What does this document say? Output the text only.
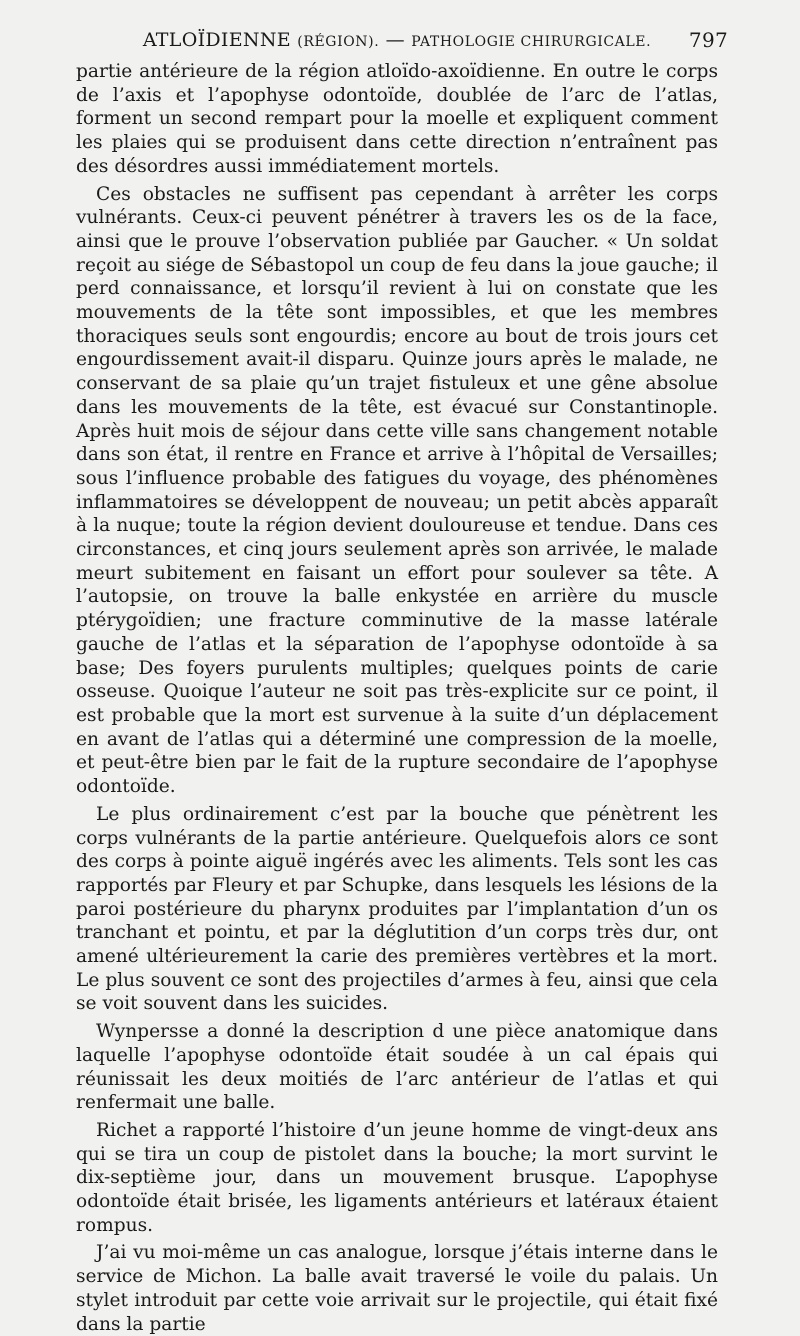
ATLOÏDIENNE (RÉGION). — PATHOLOGIE CHIRURGICALE. 797

partie antérieure de la région atloïdo-axoïdienne. En outre le corps de l’axis et l’apophyse odontoïde, doublée de l’arc de l’atlas, forment un second rempart pour la moelle et expliquent comment les plaies qui se produisent dans cette direction n’entraînent pas des désordres aussi immédiatement mortels.

Ces obstacles ne suffisent pas cependant à arrêter les corps vulnérants. Ceux-ci peuvent pénétrer à travers les os de la face, ainsi que le prouve l’observation publiée par Gaucher. « Un soldat reçoit au siége de Sébastopol un coup de feu dans la joue gauche; il perd connaissance, et lorsqu’il revient à lui on constate que les mouvements de la tête sont impossibles, et que les membres thoraciques seuls sont engourdis; encore au bout de trois jours cet engourdissement avait-il disparu. Quinze jours après le malade, ne conservant de sa plaie qu’un trajet fistuleux et une gêne absolue dans les mouvements de la tête, est évacué sur Constantinople. Après huit mois de séjour dans cette ville sans changement notable dans son état, il rentre en France et arrive à l’hôpital de Versailles; sous l’influence probable des fatigues du voyage, des phénomènes inflammatoires se développent de nouveau; un petit abcès apparaît à la nuque; toute la région devient douloureuse et tendue. Dans ces circonstances, et cinq jours seulement après son arrivée, le malade meurt subitement en faisant un effort pour soulever sa tête. A l’autopsie, on trouve la balle enkystée en arrière du muscle ptérygoïdien; une fracture comminutive de la masse latérale gauche de l’atlas et la séparation de l’apophyse odontoïde à sa base; Des foyers purulents multiples; quelques points de carie osseuse. Quoique l’auteur ne soit pas très-explicite sur ce point, il est probable que la mort est survenue à la suite d’un déplacement en avant de l’atlas qui a déterminé une compression de la moelle, et peut-être bien par le fait de la rupture secondaire de l’apophyse odontoïde.

Le plus ordinairement c’est par la bouche que pénètrent les corps vulnérants de la partie antérieure. Quelquefois alors ce sont des corps à pointe aiguë ingérés avec les aliments. Tels sont les cas rapportés par Fleury et par Schupke, dans lesquels les lésions de la paroi postérieure du pharynx produites par l’implantation d’un os tranchant et pointu, et par la déglutition d’un corps très dur, ont amené ultérieurement la carie des premières vertèbres et la mort. Le plus souvent ce sont des projectiles d’armes à feu, ainsi que cela se voit souvent dans les suicides.

Wynpersse a donné la description d une pièce anatomique dans laquelle l’apophyse odontoïde était soudée à un cal épais qui réunissait les deux moitiés de l’arc antérieur de l’atlas et qui renfermait une balle.

Richet a rapporté l’histoire d’un jeune homme de vingt-deux ans qui se tira un coup de pistolet dans la bouche; la mort survint le dix-septième jour, dans un mouvement brusque. L’apophyse odontoïde était brisée, les ligaments antérieurs et latéraux étaient rompus.

J’ai vu moi-même un cas analogue, lorsque j’étais interne dans le service de Michon. La balle avait traversé le voile du palais. Un stylet introduit par cette voie arrivait sur le projectile, qui était fixé dans la partie
